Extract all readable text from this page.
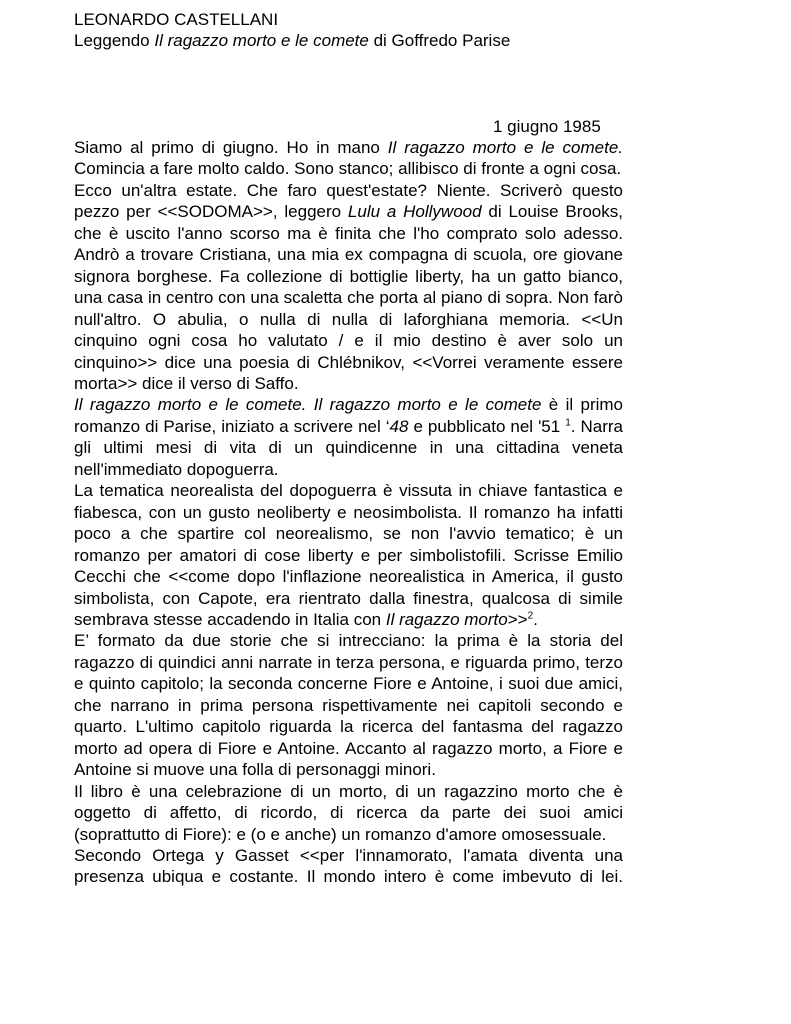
LEONARDO CASTELLANI
Leggendo Il ragazzo morto e le comete di Goffredo Parise
1 giugno 1985

Siamo al primo di giugno. Ho in mano Il ragazzo morto e le comete. Comincia a fare molto caldo. Sono stanco; allibisco di fronte a ogni cosa.

Ecco un'altra estate. Che faro quest'estate? Niente. Scriverò questo pezzo per <<SODOMA>>, leggero Lulu a Hollywood di Louise Brooks, che è uscito l'anno scorso ma è finita che l'ho comprato solo adesso. Andrò a trovare Cristiana, una mia ex compagna di scuola, ore giovane signora borghese. Fa collezione di bottiglie liberty, ha un gatto bianco, una casa in centro con una scaletta che porta al piano di sopra. Non farò null'altro. O abulia, o nulla di nulla di laforghiana memoria. <<Un cinquino ogni cosa ho valutato / e il mio destino è aver solo un cinquino>> dice una poesia di Chlébnikov, <<Vorrei veramente essere morta>> dice il verso di Saffo.

Il ragazzo morto e le comete. Il ragazzo morto e le comete è il primo romanzo di Parise, iniziato a scrivere nel ‘48 e pubblicato nel '51 $^1$. Narra gli ultimi mesi di vita di un quindicenne in una cittadina veneta nell'immediato dopoguerra.

La tematica neorealista del dopoguerra è vissuta in chiave fantastica e fiabesca, con un gusto neoliberty e neosimbolista. Il romanzo ha infatti poco a che spartire col neorealismo, se non l'avvio tematico; è un romanzo per amatori di cose liberty e per simbolistofili. Scrisse Emilio Cecchi che <<come dopo l'inflazione neorealistica in America, il gusto simbolista, con Capote, era rientrato dalla finestra, qualcosa di simile sembrava stesse accadendo in Italia con Il ragazzo morto>>$^2$.

E’ formato da due storie che si intrecciano: la prima è la storia del ragazzo di quindici anni narrate in terza persona, e riguarda primo, terzo e quinto capitolo; la seconda concerne Fiore e Antoine, i suoi due amici, che narrano in prima persona rispettivamente nei capitoli secondo e quarto. L'ultimo capitolo riguarda la ricerca del fantasma del ragazzo morto ad opera di Fiore e Antoine. Accanto al ragazzo morto, a Fiore e Antoine si muove una folla di personaggi minori.

Il libro è una celebrazione di un morto, di un ragazzino morto che è oggetto di affetto, di ricordo, di ricerca da parte dei suoi amici (soprattutto di Fiore): e (o e anche) un romanzo d'amore omosessuale.

Secondo Ortega y Gasset <<per l'innamorato, l'amata diventa una presenza ubiqua e costante. Il mondo intero è come imbevuto di lei.
